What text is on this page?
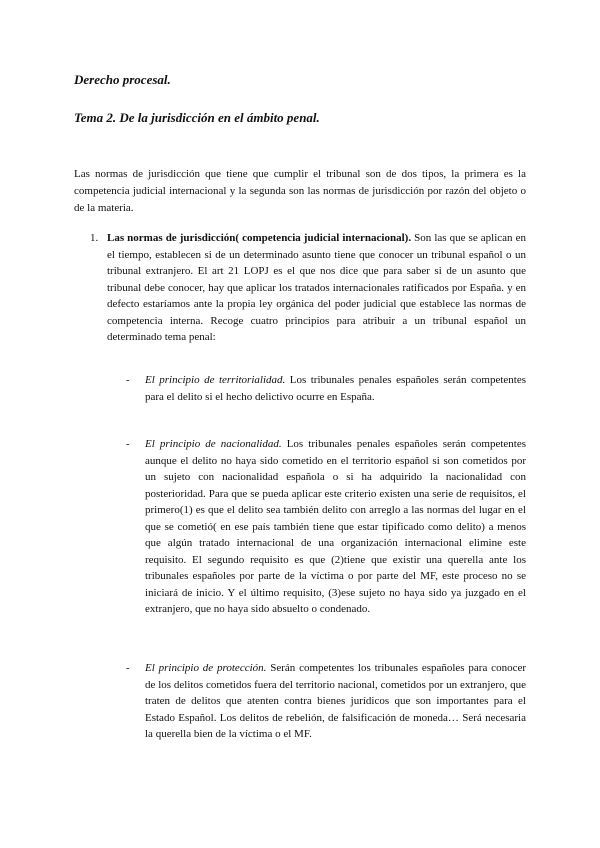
Derecho procesal.
Tema 2. De la jurisdicción en el ámbito penal.

Las normas de jurisdicción que tiene que cumplir el tribunal son de dos tipos, la primera es la competencia judicial internacional y la segunda son las normas de jurisdicción por razón del objeto o de la materia.

1. Las normas de jurisdicción( competencia judicial internacional). Son las que se aplican en el tiempo, establecen si de un determinado asunto tiene que conocer un tribunal español o un tribunal extranjero. El art 21 LOPJ es el que nos dice que para saber si de un asunto que tribunal debe conocer, hay que aplicar los tratados internacionales ratificados por España. y en defecto estaríamos ante la propia ley orgánica del poder judicial que establece las normas de competencia interna. Recoge cuatro principios para atribuir a un tribunal español un determinado tema penal:

- El principio de territorialidad. Los tribunales penales españoles serán competentes para el delito si el hecho delictivo ocurre en España.

- El principio de nacionalidad. Los tribunales penales españoles serán competentes aunque el delito no haya sido cometido en el territorio español si son cometidos por un sujeto con nacionalidad española o si ha adquirido la nacionalidad con posterioridad. Para que se pueda aplicar este criterio existen una serie de requisitos, el primero(1) es que el delito sea también delito con arreglo a las normas del lugar en el que se cometió( en ese país también tiene que estar tipificado como delito) a menos que algún tratado internacional de una organización internacional elimine este requisito. El segundo requisito es que (2)tiene que existir una querella ante los tribunales españoles por parte de la víctima o por parte del MF, este proceso no se iniciará de inicio. Y el último requisito, (3)ese sujeto no haya sido ya juzgado en el extranjero, que no haya sido absuelto o condenado.

- El principio de protección. Serán competentes los tribunales españoles para conocer de los delitos cometidos fuera del territorio nacional, cometidos por un extranjero, que traten de delitos que atenten contra bienes jurídicos que son importantes para el Estado Español. Los delitos de rebelión, de falsificación de moneda… Será necesaria la querella bien de la víctima o el MF.
